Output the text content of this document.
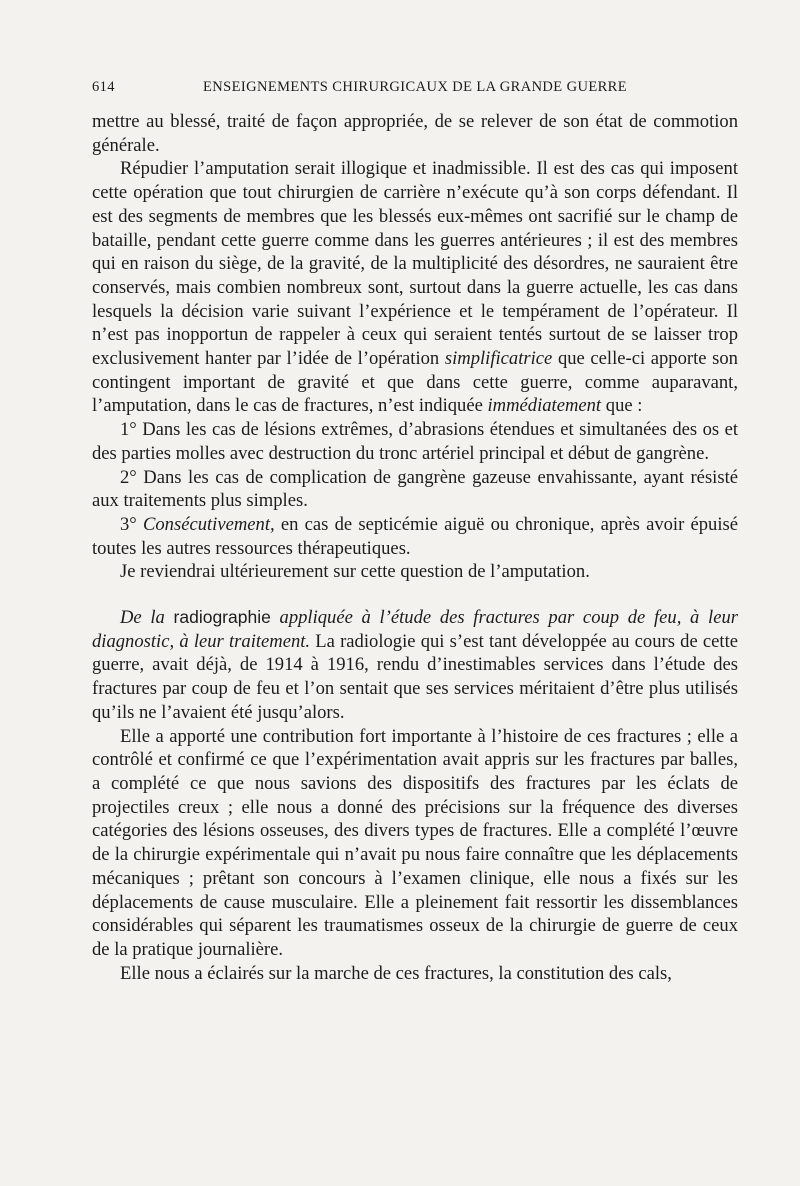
614	ENSEIGNEMENTS CHIRURGICAUX DE LA GRANDE GUERRE

mettre au blessé, traité de façon appropriée, de se relever de son état de commotion générale.

Répudier l’amputation serait illogique et inadmissible. Il est des cas qui imposent cette opération que tout chirurgien de carrière n’exécute qu’à son corps défendant. Il est des segments de membres que les blessés eux-mêmes ont sacrifié sur le champ de bataille, pendant cette guerre comme dans les guerres antérieures ; il est des membres qui en raison du siège, de la gravité, de la multiplicité des désordres, ne sauraient être conservés, mais combien nombreux sont, surtout dans la guerre actuelle, les cas dans lesquels la décision varie suivant l’expérience et le tempérament de l’opérateur. Il n’est pas inopportun de rappeler à ceux qui seraient tentés surtout de se laisser trop exclusivement hanter par l’idée de l’opération simplificatrice que celle-ci apporte son contingent important de gravité et que dans cette guerre, comme auparavant, l’amputation, dans le cas de fractures, n’est indiquée immédiatement que :

1° Dans les cas de lésions extrêmes, d’abrasions étendues et simultanées des os et des parties molles avec destruction du tronc artériel principal et début de gangrène.

2° Dans les cas de complication de gangrène gazeuse envahissante, ayant résisté aux traitements plus simples.

3° Consécutivement, en cas de septicémie aiguë ou chronique, après avoir épuisé toutes les autres ressources thérapeutiques.

Je reviendrai ultérieurement sur cette question de l’amputation.

De la radiographie appliquée à l’étude des fractures par coup de feu, à leur diagnostic, à leur traitement. La radiologie qui s’est tant développée au cours de cette guerre, avait déjà, de 1914 à 1916, rendu d’inestimables services dans l’étude des fractures par coup de feu et l’on sentait que ses services méritaient d’être plus utilisés qu’ils ne l’avaient été jusqu’alors.

Elle a apporté une contribution fort importante à l’histoire de ces fractures ; elle a contrôlé et confirmé ce que l’expérimentation avait appris sur les fractures par balles, a complété ce que nous savions des dispositifs des fractures par les éclats de projectiles creux ; elle nous a donné des précisions sur la fréquence des diverses catégories des lésions osseuses, des divers types de fractures. Elle a complété l’œuvre de la chirurgie expérimentale qui n’avait pu nous faire connaître que les déplacements mécaniques ; prêtant son concours à l’examen clinique, elle nous a fixés sur les déplacements de cause musculaire. Elle a pleinement fait ressortir les dissemblances considérables qui séparent les traumatismes osseux de la chirurgie de guerre de ceux de la pratique journalière.

Elle nous a éclairés sur la marche de ces fractures, la constitution des cals,
